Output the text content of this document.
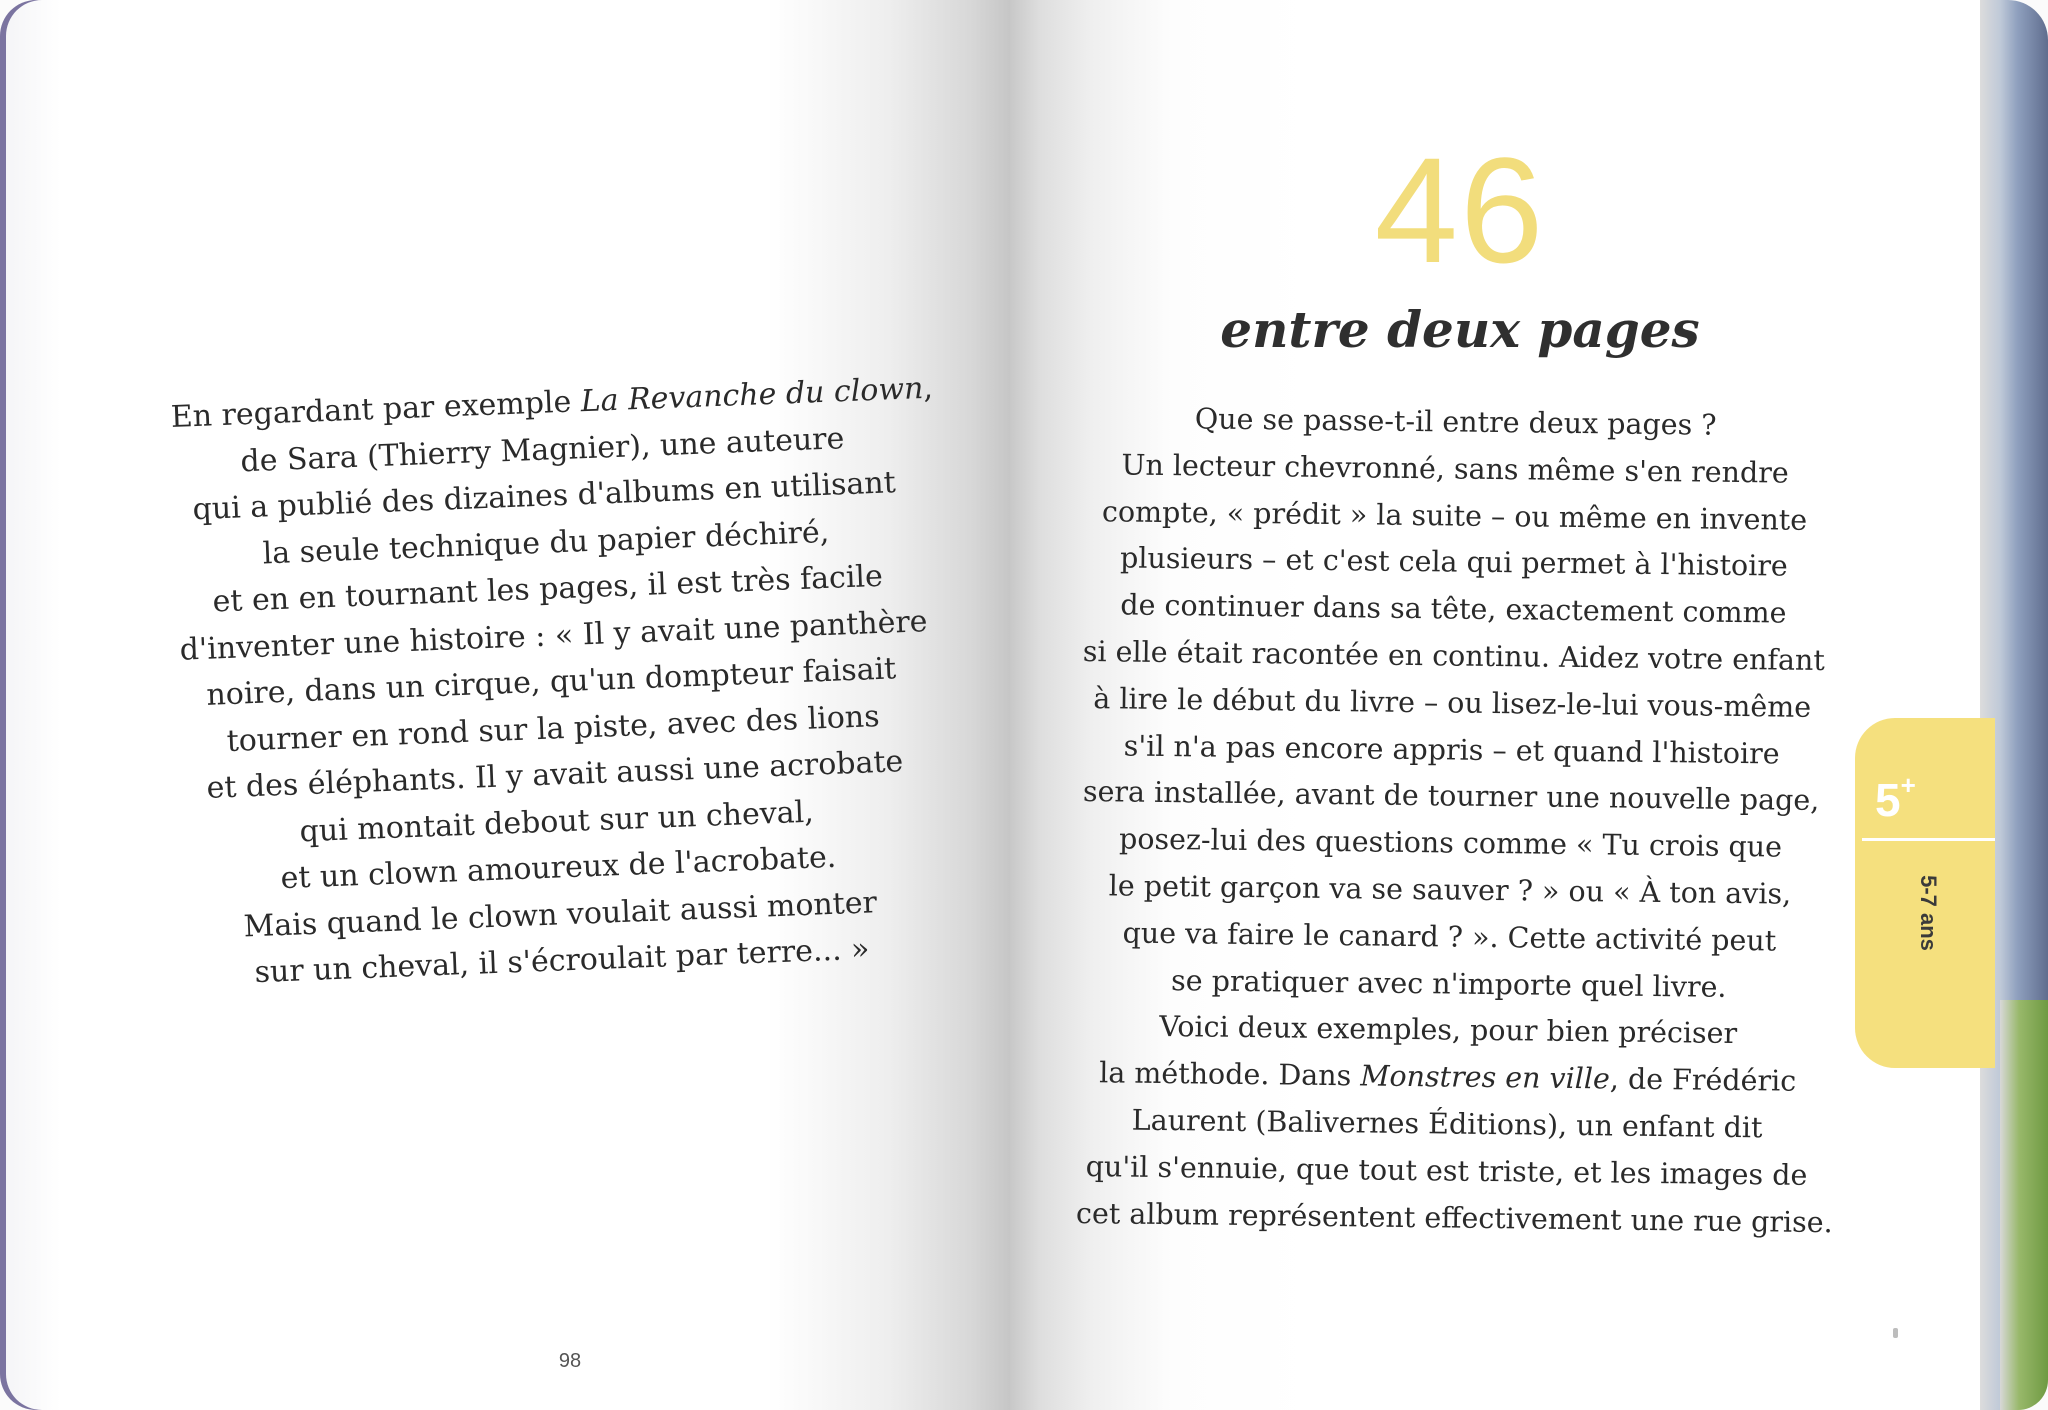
En regardant par exemple La Revanche du clown,

de Sara (Thierry Magnier), une auteure

qui a publié des dizaines d'albums en utilisant

la seule technique du papier déchiré,

et en en tournant les pages, il est très facile

d'inventer une histoire : « Il y avait une panthère

noire, dans un cirque, qu'un dompteur faisait

tourner en rond sur la piste, avec des lions

et des éléphants. Il y avait aussi une acrobate

qui montait debout sur un cheval,

et un clown amoureux de l'acrobate.

Mais quand le clown voulait aussi monter

sur un cheval, il s'écroulait par terre... »

98
46
entre deux pages

Que se passe-t-il entre deux pages ?

Un lecteur chevronné, sans même s'en rendre

compte, « prédit » la suite – ou même en invente

plusieurs – et c'est cela qui permet à l'histoire

de continuer dans sa tête, exactement comme

si elle était racontée en continu. Aidez votre enfant

à lire le début du livre – ou lisez-le-lui vous-même

s'il n'a pas encore appris – et quand l'histoire

sera installée, avant de tourner une nouvelle page,

posez-lui des questions comme « Tu crois que

le petit garçon va se sauver ? » ou « À ton avis,

que va faire le canard ? ». Cette activité peut

se pratiquer avec n'importe quel livre.

Voici deux exemples, pour bien préciser

la méthode. Dans Monstres en ville, de Frédéric

Laurent (Balivernes Éditions), un enfant dit

qu'il s'ennuie, que tout est triste, et les images de

cet album représentent effectivement une rue grise.

5+
5-7 ans
